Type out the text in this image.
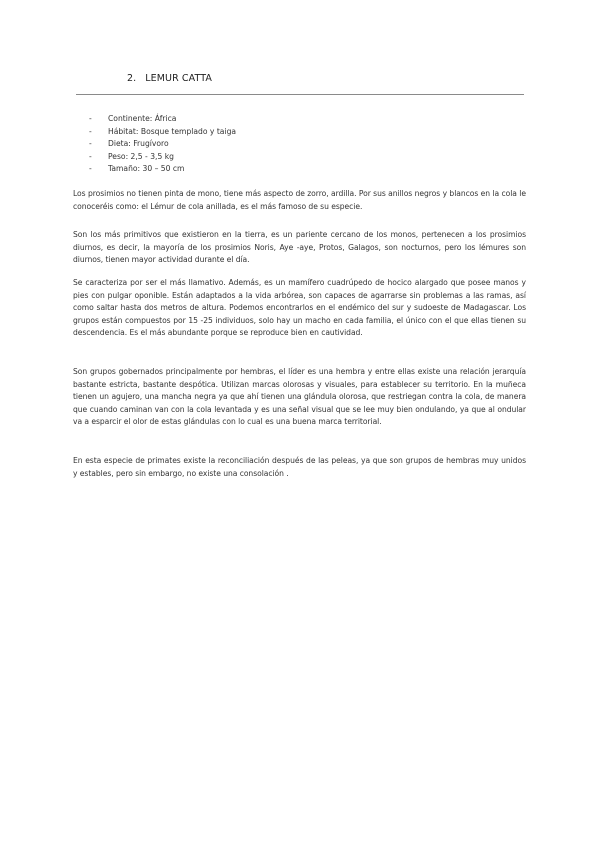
2. LEMUR CATTA
-	Continente: África
-	Hábitat: Bosque templado y taiga
-	Dieta: Frugívoro
-	Peso: 2,5 - 3,5 kg
-	Tamaño: 30 – 50 cm

Los prosimios no tienen pinta de mono, tiene más aspecto de zorro, ardilla. Por sus anillos negros y blancos en la cola le conoceréis como: el Lémur de cola anillada, es el más famoso de su especie.

Son los más primitivos que existieron en la tierra, es un pariente cercano de los monos, pertenecen a los prosimios diurnos, es decir, la mayoría de los prosimios Noris, Aye -aye, Protos, Galagos, son nocturnos, pero los lémures son diurnos, tienen mayor actividad durante el día.

Se caracteriza por ser el más llamativo. Además, es un mamífero cuadrúpedo de hocico alargado que posee manos y pies con pulgar oponible. Están adaptados a la vida arbórea, son capaces de agarrarse sin problemas a las ramas, así como saltar hasta dos metros de altura. Podemos encontrarlos en el endémico del sur y sudoeste de Madagascar. Los grupos están compuestos por 15 -25 individuos, solo hay un macho en cada familia, el único con el que ellas tienen su descendencia. Es el más abundante porque se reproduce bien en cautividad.

Son grupos gobernados principalmente por hembras, el líder es una hembra y entre ellas existe una relación jerarquía bastante estricta, bastante despótica. Utilizan marcas olorosas y visuales, para establecer su territorio. En la muñeca tienen un agujero, una mancha negra ya que ahí tienen una glándula olorosa, que restriegan contra la cola, de manera que cuando caminan van con la cola levantada y es una señal visual que se lee muy bien ondulando, ya que al ondular va a esparcir el olor de estas glándulas con lo cual es una buena marca territorial.

En esta especie de primates existe la reconciliación después de las peleas, ya que son grupos de hembras muy unidos y estables, pero sin embargo, no existe una consolación .
